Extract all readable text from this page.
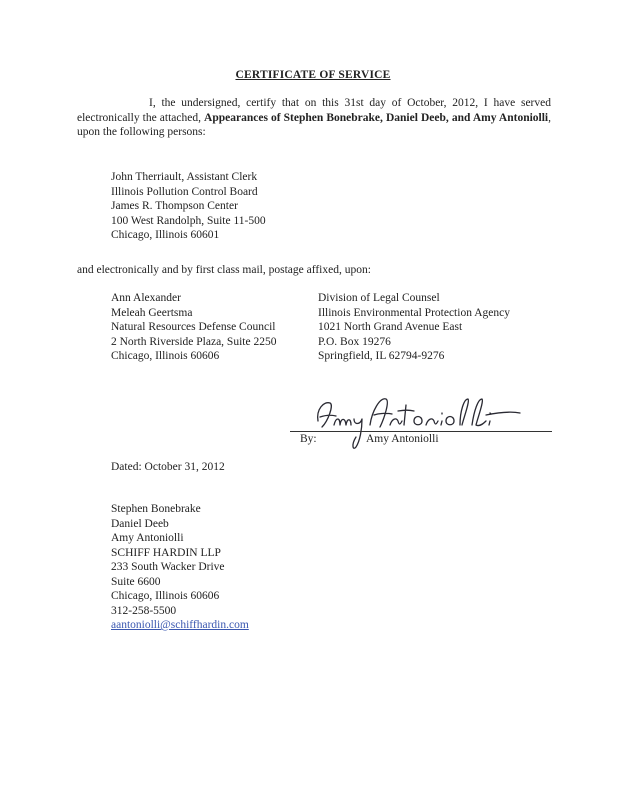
CERTIFICATE OF SERVICE
I, the undersigned, certify that on this 31st day of October, 2012, I have served electronically the attached, Appearances of Stephen Bonebrake, Daniel Deeb, and Amy Antoniolli, upon the following persons:
John Therriault, Assistant Clerk
Illinois Pollution Control Board
James R. Thompson Center
100 West Randolph, Suite 11-500
Chicago, Illinois 60601
and electronically and by first class mail, postage affixed, upon:
Ann Alexander
Meleah Geertsma
Natural Resources Defense Council
2 North Riverside Plaza, Suite 2250
Chicago, Illinois 60606
Division of Legal Counsel
Illinois Environmental Protection Agency
1021 North Grand Avenue East
P.O. Box 19276
Springfield, IL 62794-9276
By:	Amy Antoniolli
Dated: October 31, 2012
Stephen Bonebrake
Daniel Deeb
Amy Antoniolli
SCHIFF HARDIN LLP
233 South Wacker Drive
Suite 6600
Chicago, Illinois 60606
312-258-5500
aantoniolli@schiffhardin.com
